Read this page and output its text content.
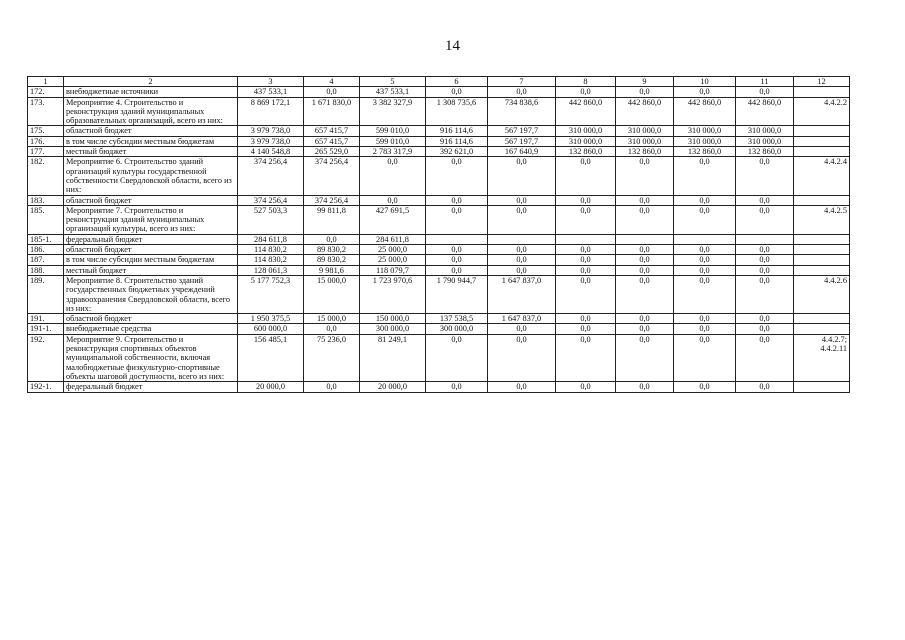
14
1	2	3	4	5	6	7	8	9	10	11	12
172.	внебюджетные источники	437 533,1	0,0	437 533,1	0,0	0,0	0,0	0,0	0,0	0,0	
173.	Мероприятие 4. Строительство и реконструкция зданий муниципальных образовательных организаций, всего из них:	8 869 172,1	1 671 830,0	3 382 327,9	1 308 735,6	734 838,6	442 860,0	442 860,0	442 860,0	442 860,0	4.4.2.2
175.	областной бюджет	3 979 738,0	657 415,7	599 010,0	916 114,6	567 197,7	310 000,0	310 000,0	310 000,0	310 000,0	
176.	в том числе субсидии местным бюджетам	3 979 738,0	657 415,7	599 010,0	916 114,6	567 197,7	310 000,0	310 000,0	310 000,0	310 000,0	
177.	местный бюджет	4 140 548,8	265 529,0	2 783 317,9	392 621,0	167 640,9	132 860,0	132 860,0	132 860,0	132 860,0	
182.	Мероприятие 6. Строительство зданий организаций культуры государственной собственности Свердловской области, всего из них:	374 256,4	374 256,4	0,0	0,0	0,0	0,0	0,0	0,0	0,0	4.4.2.4
183.	областной бюджет	374 256,4	374 256,4	0,0	0,0	0,0	0,0	0,0	0,0	0,0	
185.	Мероприятие 7. Строительство и реконструкция зданий муниципальных организаций культуры, всего из них:	527 503,3	99 811,8	427 691,5	0,0	0,0	0,0	0,0	0,0	0,0	4.4.2.5
185-1.	федеральный бюджет	284 611,8	0,0	284 611,8							
186.	областной бюджет	114 830,2	89 830,2	25 000,0	0,0	0,0	0,0	0,0	0,0	0,0	
187.	в том числе субсидии местным бюджетам	114 830,2	89 830,2	25 000,0	0,0	0,0	0,0	0,0	0,0	0,0	
188.	местный бюджет	128 061,3	9 981,6	118 079,7	0,0	0,0	0,0	0,0	0,0	0,0	
189.	Мероприятие 8. Строительство зданий государственных бюджетных учреждений здравоохранения Свердловской области, всего из них:	5 177 752,3	15 000,0	1 723 970,6	1 790 944,7	1 647 837,0	0,0	0,0	0,0	0,0	4.4.2.6
191.	областной бюджет	1 950 375,5	15 000,0	150 000,0	137 538,5	1 647 837,0	0,0	0,0	0,0	0,0	
191-1.	внебюджетные средства	600 000,0	0,0	300 000,0	300 000,0	0,0	0,0	0,0	0,0	0,0	
192.	Мероприятие 9. Строительство и реконструкция спортивных объектов муниципальной собственности, включая малобюджетные физкультурно-спортивные объекты шаговой доступности, всего из них:	156 485,1	75 236,0	81 249,1	0,0	0,0	0,0	0,0	0,0	0,0	4.4.2.7;
4.4.2.11
192-1.	федеральный бюджет	20 000,0	0,0	20 000,0	0,0	0,0	0,0	0,0	0,0	0,0	
